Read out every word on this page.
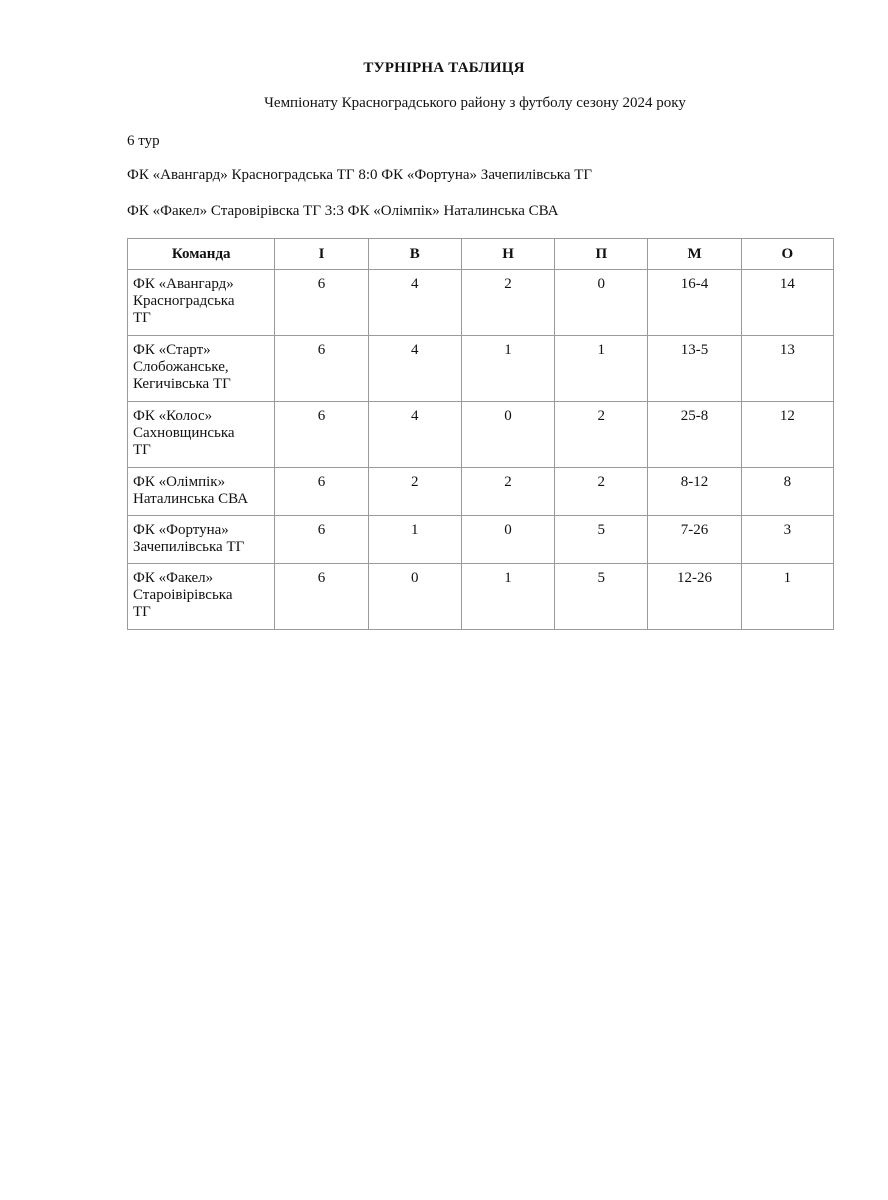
ТУРНІРНА ТАБЛИЦЯ
Чемпіонату Красноградського району з футболу сезону 2024 року
6 тур
ФК «Авангард» Красноградська ТГ 8:0 ФК «Фортуна» Зачепилівська ТГ
ФК «Факел» Старовірівска ТГ 3:3 ФК «Олімпік» Наталинська СВА
Команда	І	В	Н	П	М	О
ФК «Авангард»
Красноградська
ТГ	6	4	2	0	16-4	14
ФК «Старт»
Слобожанське,
Кегичівська ТГ	6	4	1	1	13-5	13
ФК «Колос»
Сахновщинська
ТГ	6	4	0	2	25-8	12
ФК «Олімпік»
Наталинська СВА	6	2	2	2	8-12	8
ФК «Фортуна»
Зачепилівська ТГ	6	1	0	5	7-26	3
ФК «Факел»
Староівірівська
ТГ	6	0	1	5	12-26	1
